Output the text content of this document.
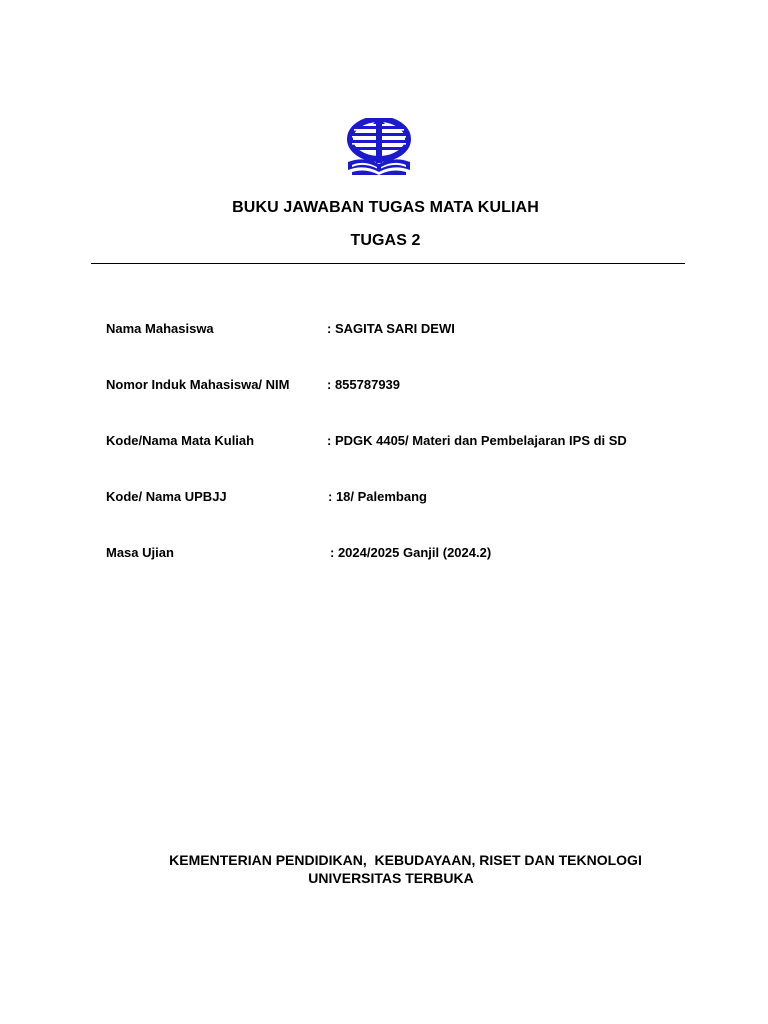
BUKU JAWABAN TUGAS MATA KULIAH
TUGAS 2
Nama Mahasiswa	: SAGITA SARI DEWI
Nomor Induk Mahasiswa/ NIM	: 855787939
Kode/Nama Mata Kuliah	: PDGK 4405/ Materi dan Pembelajaran IPS di SD
Kode/ Nama UPBJJ	: 18/ Palembang
Masa Ujian	: 2024/2025 Ganjil (2024.2)
KEMENTERIAN PENDIDIKAN,  KEBUDAYAAN, RISET DAN TEKNOLOGI
UNIVERSITAS TERBUKA
